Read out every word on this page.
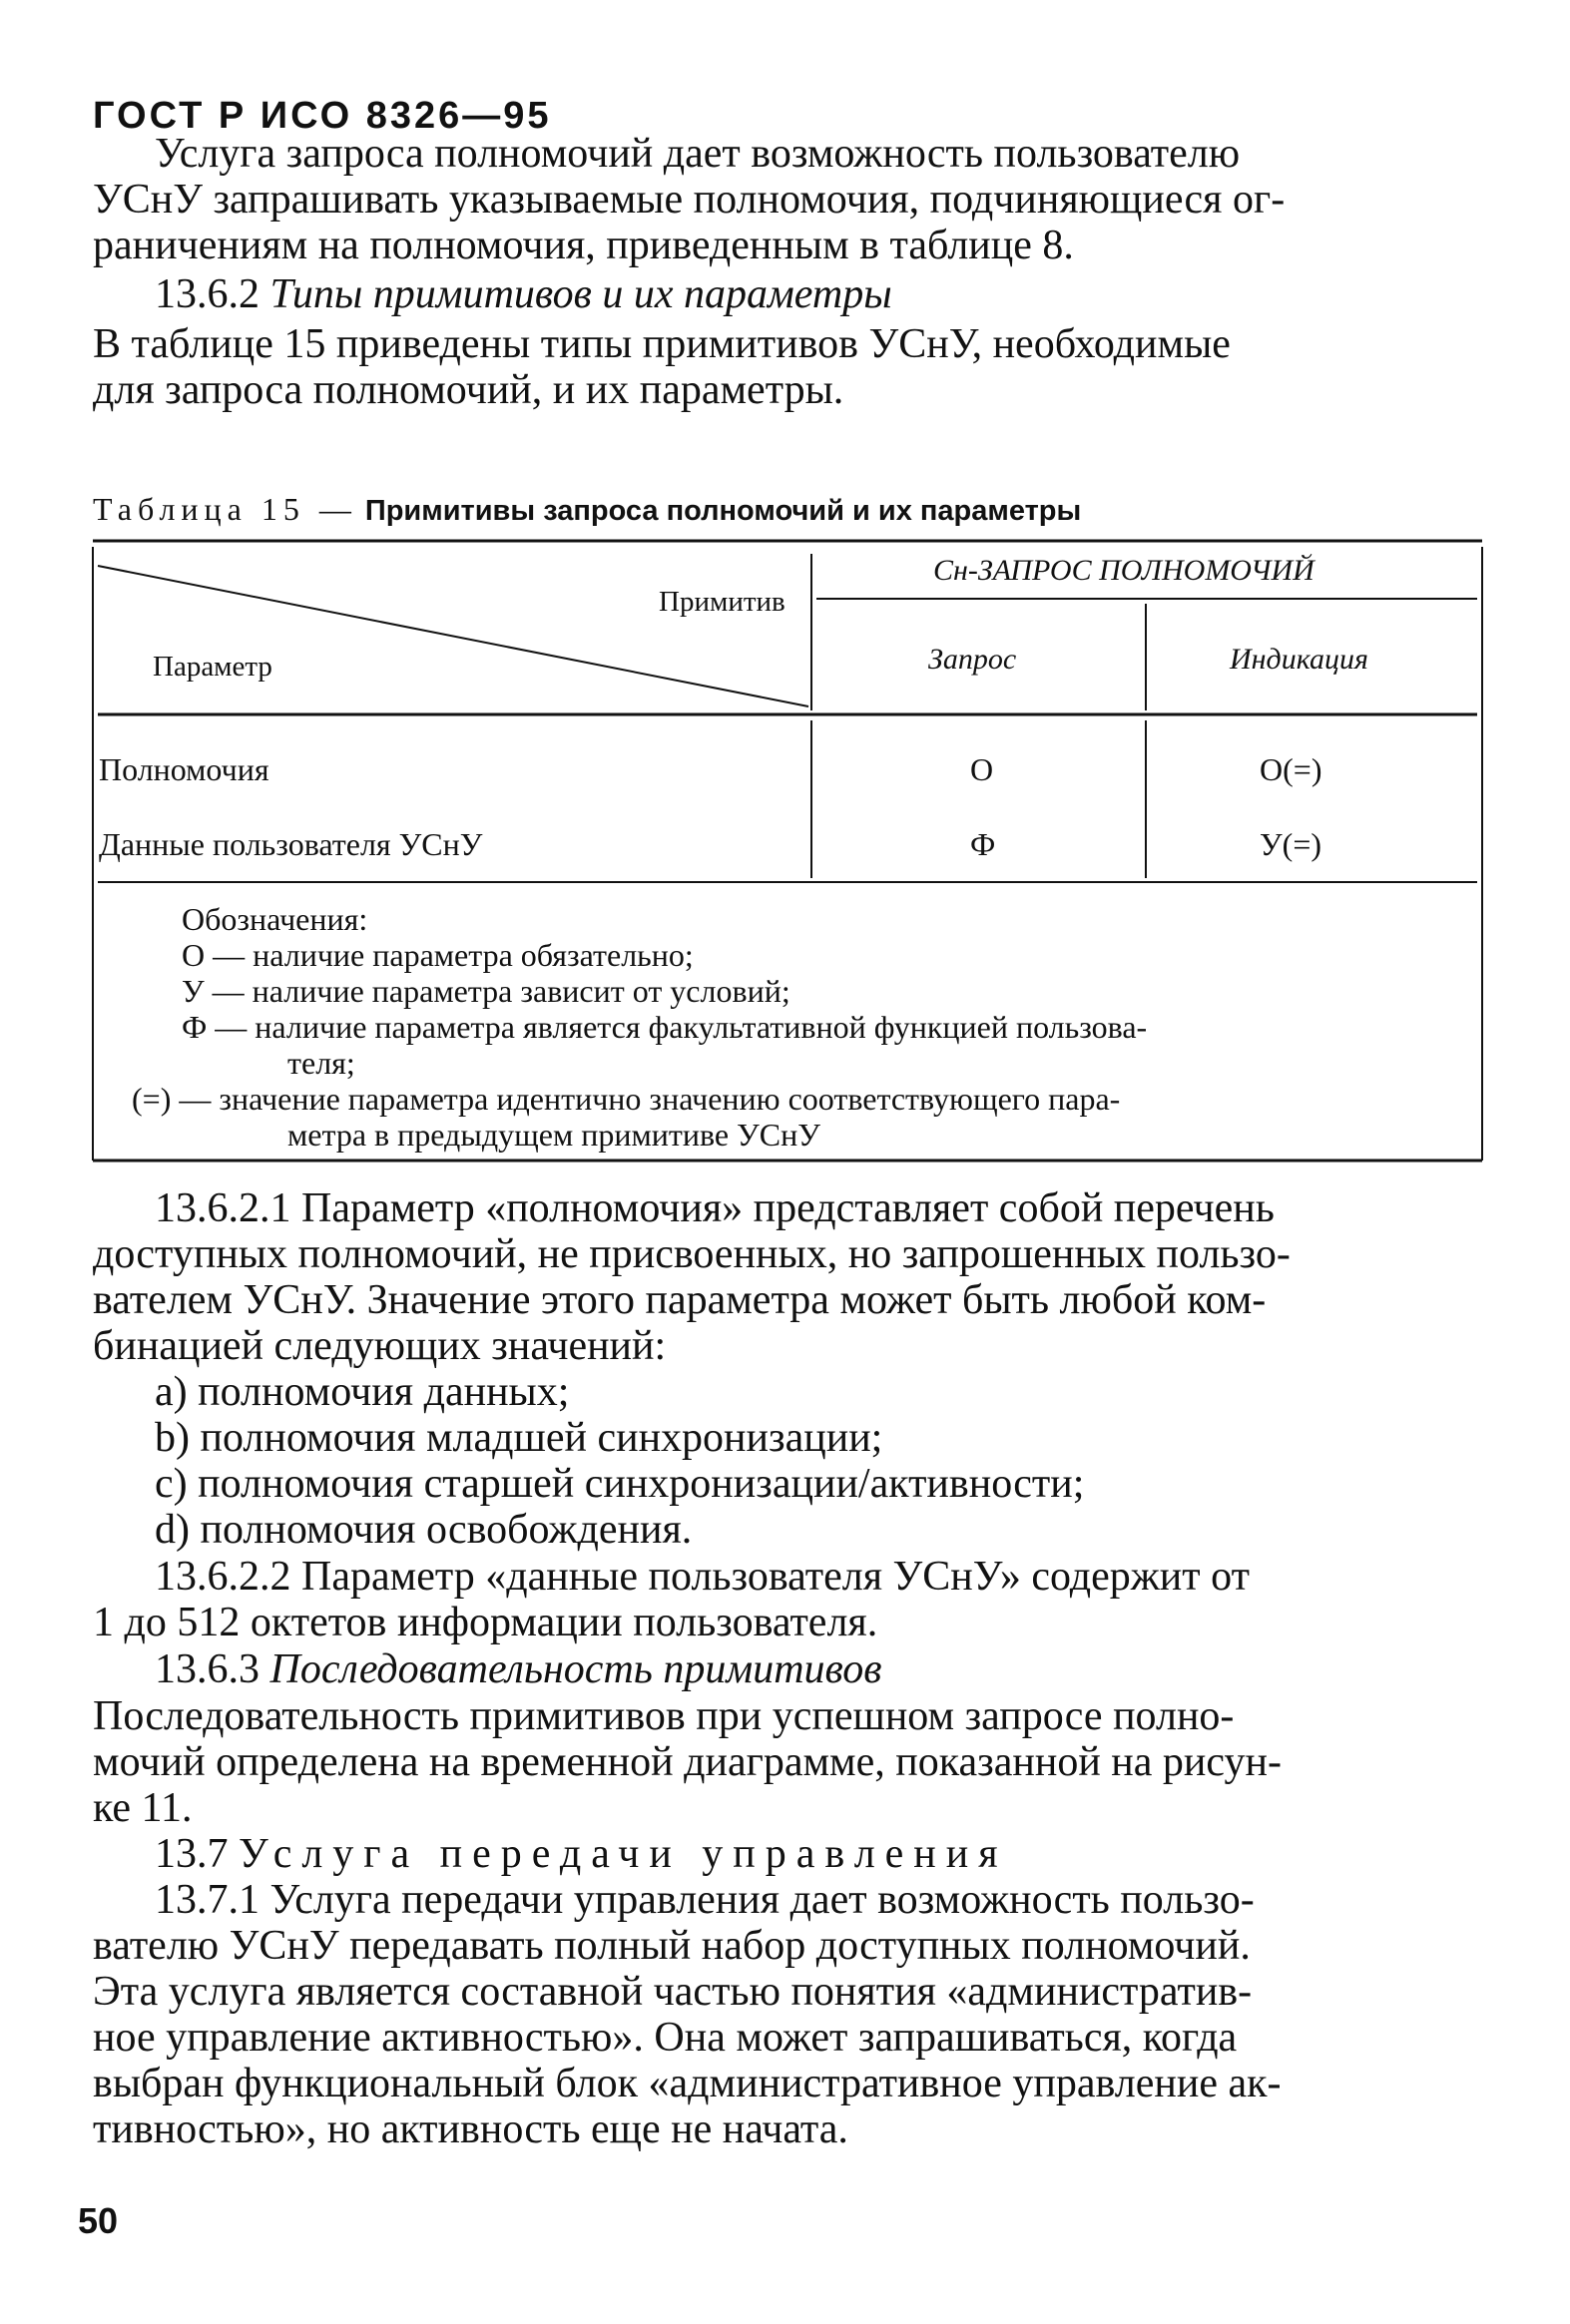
ГОСТ Р ИСО 8326—95
Услуга запроса полномочий дает возможность пользователю
УСнУ запрашивать указываемые полномочия, подчиняющиеся ог-
раничениям на полномочия, приведенным в таблице 8.
13.6.2 Типы примитивов и их параметры
В таблице 15 приведены типы примитивов УСнУ, необходимые
для запроса полномочий, и их параметры.
Таблица 15 — Примитивы запроса полномочий и их параметры
Примитив
Параметр
Сн-ЗАПРОС ПОЛНОМОЧИЙ
Запрос	Индикация
Полномочия	О	О(=)
Данные пользователя УСнУ	Ф	У(=)
Обозначения:
О — наличие параметра обязательно;
У — наличие параметра зависит от условий;
Ф — наличие параметра является факультативной функцией пользова-
теля;
(=) — значение параметра идентично значению соответствующего пара-
метра в предыдущем примитиве УСнУ
13.6.2.1 Параметр «полномочия» представляет собой перечень
доступных полномочий, не присвоенных, но запрошенных пользо-
вателем УСнУ. Значение этого параметра может быть любой ком-
бинацией следующих значений:
a) полномочия данных;
b) полномочия младшей синхронизации;
c) полномочия старшей синхронизации/активности;
d) полномочия освобождения.
13.6.2.2 Параметр «данные пользователя УСнУ» содержит от
1 до 512 октетов информации пользователя.
13.6.3 Последовательность примитивов
Последовательность примитивов при успешном запросе полно-
мочий определена на временной диаграмме, показанной на рисун-
ке 11.
13.7 Услуга передачи управления
13.7.1 Услуга передачи управления дает возможность пользо-
вателю УСнУ передавать полный набор доступных полномочий.
Эта услуга является составной частью понятия «административ-
ное управление активностью». Она может запрашиваться, когда
выбран функциональный блок «административное управление ак-
тивностью», но активность еще не начата.
50
